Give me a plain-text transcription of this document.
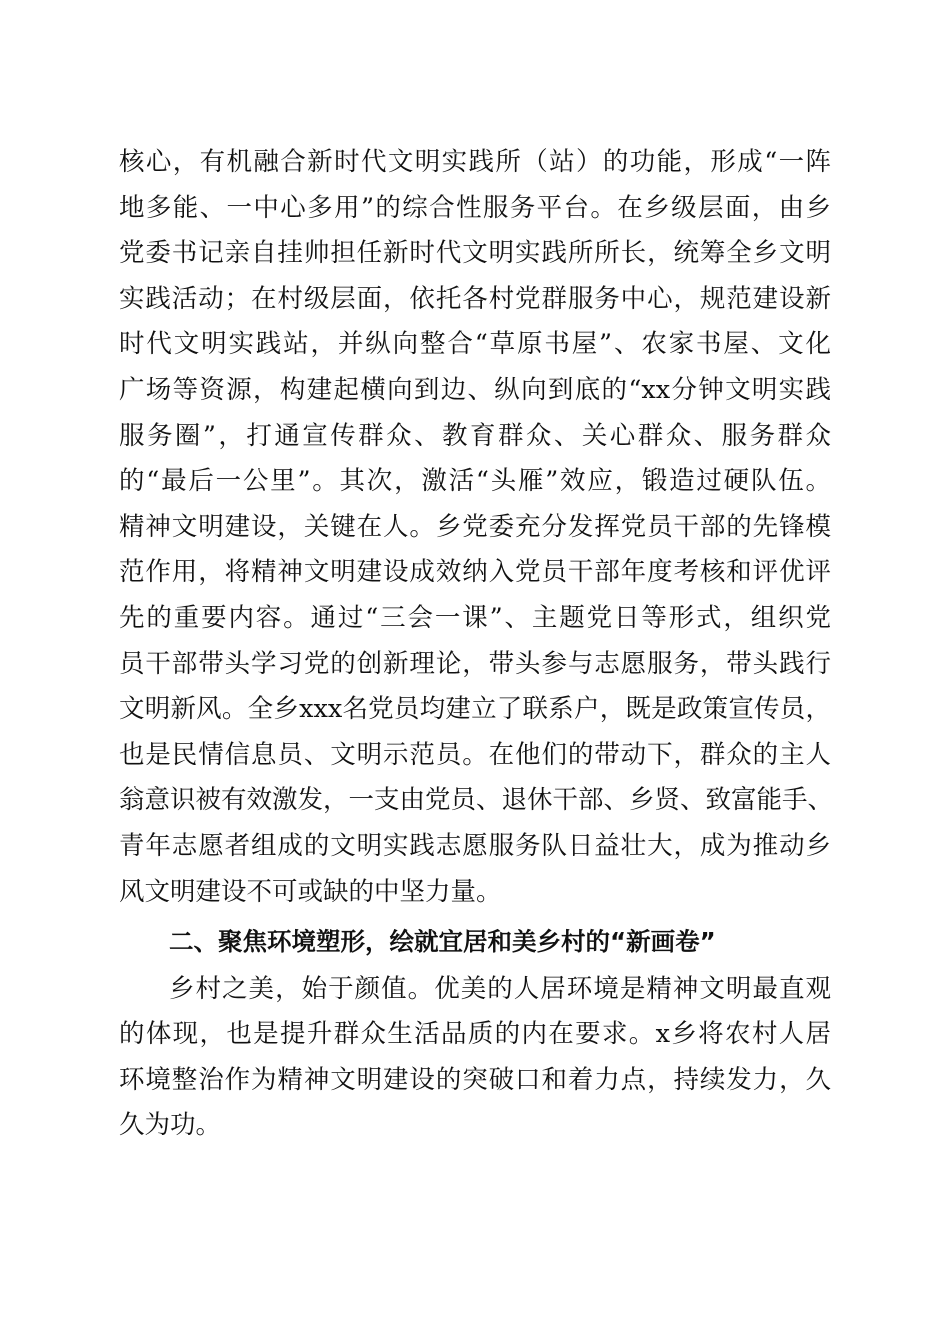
核心，有机融合新时代文明实践所（站）的功能，形成“一阵
地多能、一中心多用”的综合性服务平台。在乡级层面，由乡
党委书记亲自挂帅担任新时代文明实践所所长，统筹全乡文明
实践活动；在村级层面，依托各村党群服务中心，规范建设新
时代文明实践站，并纵向整合“草原书屋”、农家书屋、文化
广场等资源，构建起横向到边、纵向到底的“xx分钟文明实践
服务圈”，打通宣传群众、教育群众、关心群众、服务群众
的“最后一公里”。其次，激活“头雁”效应，锻造过硬队伍。
精神文明建设，关键在人。乡党委充分发挥党员干部的先锋模
范作用，将精神文明建设成效纳入党员干部年度考核和评优评
先的重要内容。通过“三会一课”、主题党日等形式，组织党
员干部带头学习党的创新理论，带头参与志愿服务，带头践行
文明新风。全乡xxx名党员均建立了联系户，既是政策宣传员，
也是民情信息员、文明示范员。在他们的带动下，群众的主人
翁意识被有效激发，一支由党员、退休干部、乡贤、致富能手、
青年志愿者组成的文明实践志愿服务队日益壮大，成为推动乡
风文明建设不可或缺的中坚力量。
二、聚焦环境塑形，绘就宜居和美乡村的“新画卷”
乡村之美，始于颜值。优美的人居环境是精神文明最直观
的体现，也是提升群众生活品质的内在要求。x乡将农村人居
环境整治作为精神文明建设的突破口和着力点，持续发力，久
久为功。
